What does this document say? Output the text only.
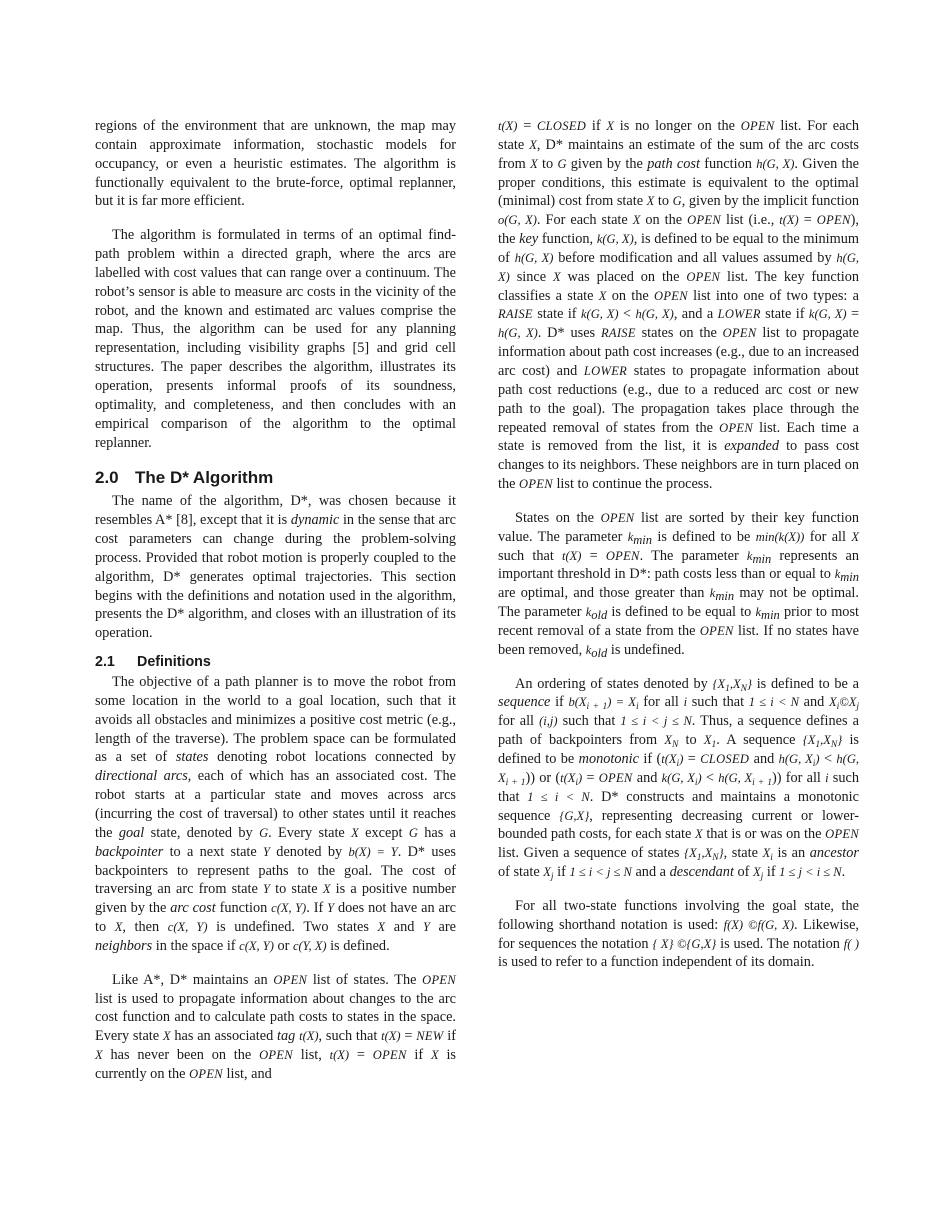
regions of the environment that are unknown, the map may contain approximate information, stochastic models for occupancy, or even a heuristic estimates. The algorithm is functionally equivalent to the brute-force, optimal replanner, but it is far more efficient.

The algorithm is formulated in terms of an optimal find-path problem within a directed graph, where the arcs are labelled with cost values that can range over a continuum. The robot’s sensor is able to measure arc costs in the vicinity of the robot, and the known and estimated arc values comprise the map. Thus, the algorithm can be used for any planning representation, including visibility graphs [5] and grid cell structures. The paper describes the algorithm, illustrates its operation, presents informal proofs of its soundness, optimality, and completeness, and then concludes with an empirical comparison of the algorithm to the optimal replanner.

2.0 The D* Algorithm

The name of the algorithm, D*, was chosen because it resembles A* [8], except that it is dynamic in the sense that arc cost parameters can change during the problem-solving process. Provided that robot motion is properly coupled to the algorithm, D* generates optimal trajectories. This section begins with the definitions and notation used in the algorithm, presents the D* algorithm, and closes with an illustration of its operation.

2.1 Definitions

The objective of a path planner is to move the robot from some location in the world to a goal location, such that it avoids all obstacles and minimizes a positive cost metric (e.g., length of the traverse). The problem space can be formulated as a set of states denoting robot locations connected by directional arcs, each of which has an associated cost. The robot starts at a particular state and moves across arcs (incurring the cost of traversal) to other states until it reaches the goal state, denoted by G. Every state X except G has a backpointer to a next state Y denoted by b(X) = Y. D* uses backpointers to represent paths to the goal. The cost of traversing an arc from state Y to state X is a positive number given by the arc cost function c(X, Y). If Y does not have an arc to X, then c(X, Y) is undefined. Two states X and Y are neighbors in the space if c(X, Y) or c(Y, X) is defined.

Like A*, D* maintains an OPEN list of states. The OPEN list is used to propagate information about changes to the arc cost function and to calculate path costs to states in the space. Every state X has an associated tag t(X), such that t(X) = NEW if X has never been on the OPEN list, t(X) = OPEN if X is currently on the OPEN list, and

t(X) = CLOSED if X is no longer on the OPEN list. For each state X, D* maintains an estimate of the sum of the arc costs from X to G given by the path cost function h(G, X). Given the proper conditions, this estimate is equivalent to the optimal (minimal) cost from state X to G, given by the implicit function o(G, X). For each state X on the OPEN list (i.e., t(X) = OPEN), the key function, k(G, X), is defined to be equal to the minimum of h(G, X) before modification and all values assumed by h(G, X) since X was placed on the OPEN list. The key function classifies a state X on the OPEN list into one of two types: a RAISE state if k(G, X) < h(G, X), and a LOWER state if k(G, X) = h(G, X). D* uses RAISE states on the OPEN list to propagate information about path cost increases (e.g., due to an increased arc cost) and LOWER states to propagate information about path cost reductions (e.g., due to a reduced arc cost or new path to the goal). The propagation takes place through the repeated removal of states from the OPEN list. Each time a state is removed from the list, it is expanded to pass cost changes to its neighbors. These neighbors are in turn placed on the OPEN list to continue the process.

States on the OPEN list are sorted by their key function value. The parameter $k_{min}$ is defined to be min(k(X)) for all X such that t(X) = OPEN. The parameter $k_{min}$ represents an important threshold in D*: path costs less than or equal to $k_{min}$ are optimal, and those greater than $k_{min}$ may not be optimal. The parameter $k_{old}$ is defined to be equal to $k_{min}$ prior to most recent removal of a state from the OPEN list. If no states have been removed, $k_{old}$ is undefined.

An ordering of states denoted by $\{X_1,X_N\}$ is defined to be a sequence if $b(X_{i + 1}) = X_i$ for all i such that 1 ≤ i < N and $X_i©X_j$ for all (i,j) such that 1 ≤ i < j ≤ N. Thus, a sequence defines a path of backpointers from $X_N$ to $X_1$. A sequence $\{X_1,X_N\}$ is defined to be monotonic if ($t(X_i)$ = CLOSED and h(G, $X_i) < h(G$, $X_{i + 1}$)) or ($t(X_i)$ = OPEN and k(G, $X_i) < h(G$, $X_{i + 1}$)) for all i such that 1 ≤ i < N. D* constructs and maintains a monotonic sequence {G,X}, representing decreasing current or lower-bounded path costs, for each state X that is or was on the OPEN list. Given a sequence of states $\{X_1,X_N\}$, state $X_i$ is an ancestor of state $X_j$ if 1 ≤ i < j ≤ N and a descendant of $X_j$ if 1 ≤ j < i ≤ N.

For all two-state functions involving the goal state, the following shorthand notation is used: f(X) ©f(G, X). Likewise, for sequences the notation { X} ©{G,X} is used. The notation f( ) is used to refer to a function independent of its domain.
